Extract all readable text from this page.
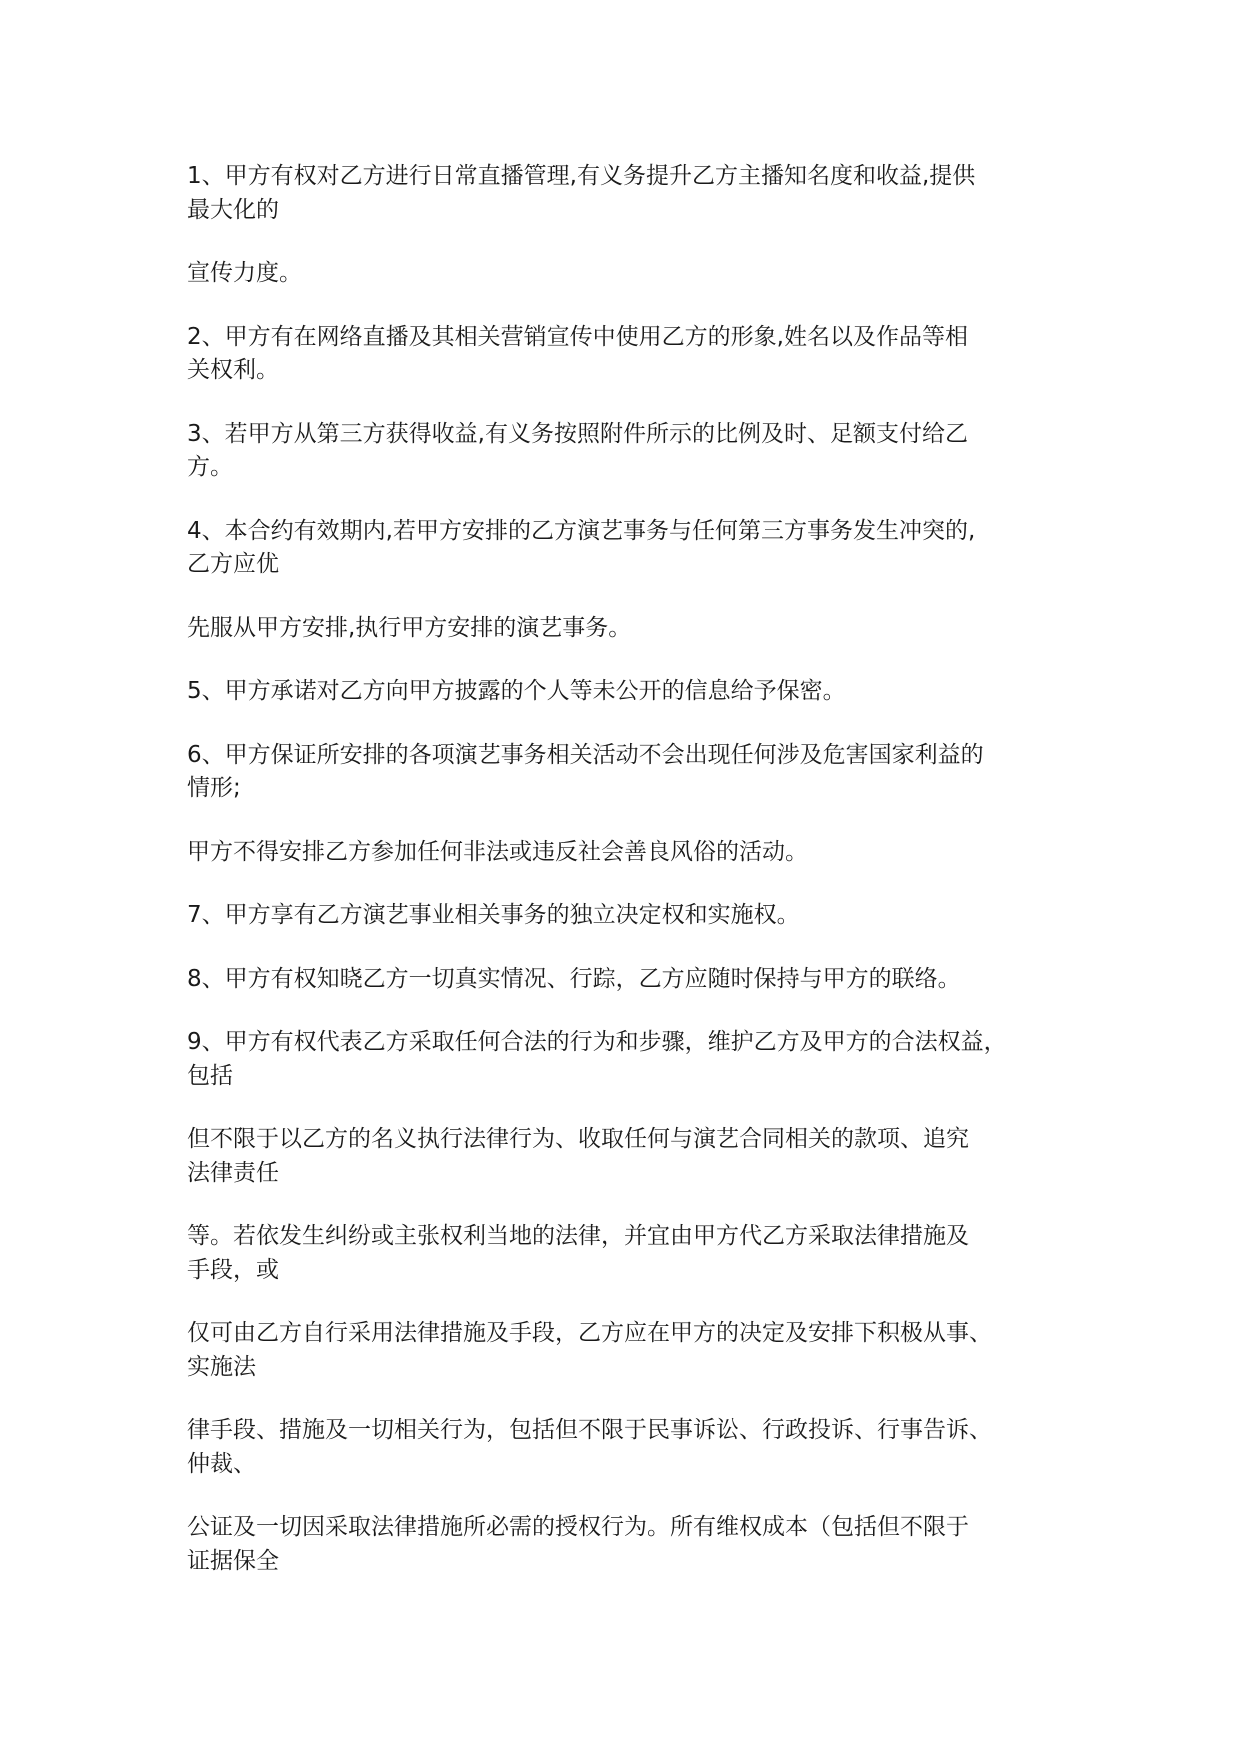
1、甲方有权对乙方进行日常直播管理,有义务提升乙方主播知名度和收益,提供
最大化的

宣传力度。

2、甲方有在网络直播及其相关营销宣传中使用乙方的形象,姓名以及作品等相
关权利。

3、若甲方从第三方获得收益,有义务按照附件所示的比例及时、足额支付给乙
方。

4、本合约有效期内,若甲方安排的乙方演艺事务与任何第三方事务发生冲突的,
乙方应优

先服从甲方安排,执行甲方安排的演艺事务。

5、甲方承诺对乙方向甲方披露的个人等未公开的信息给予保密。

6、甲方保证所安排的各项演艺事务相关活动不会出现任何涉及危害国家利益的
情形;

甲方不得安排乙方参加任何非法或违反社会善良风俗的活动。

7、甲方享有乙方演艺事业相关事务的独立决定权和实施权。

8、甲方有权知晓乙方一切真实情况、行踪，乙方应随时保持与甲方的联络。

9、甲方有权代表乙方采取任何合法的行为和步骤，维护乙方及甲方的合法权益，
包括

但不限于以乙方的名义执行法律行为、收取任何与演艺合同相关的款项、追究
法律责任

等。若依发生纠纷或主张权利当地的法律，并宜由甲方代乙方采取法律措施及
手段，或

仅可由乙方自行采用法律措施及手段，乙方应在甲方的决定及安排下积极从事、
实施法

律手段、措施及一切相关行为，包括但不限于民事诉讼、行政投诉、行事告诉、
仲裁、

公证及一切因采取法律措施所必需的授权行为。所有维权成本（包括但不限于
证据保全
